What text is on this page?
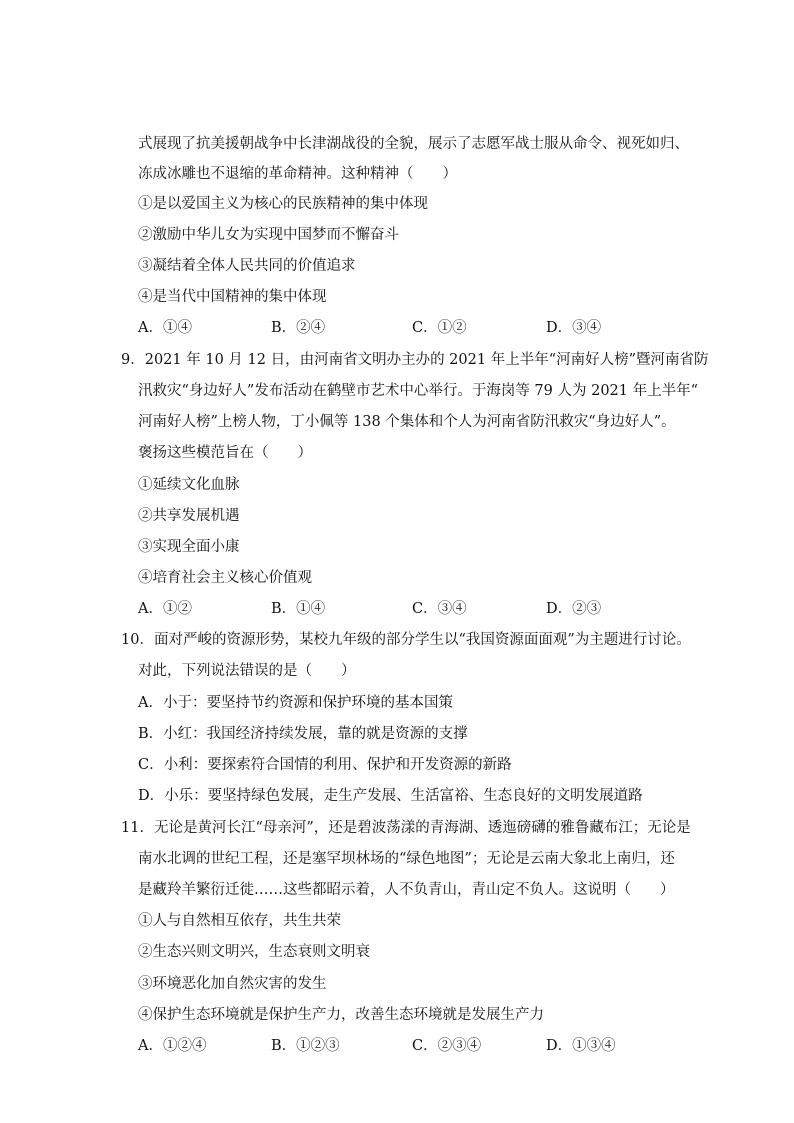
式展现了抗美援朝战争中长津湖战役的全貌，展示了志愿军战士服从命令、视死如归、
冻成冰雕也不退缩的革命精神。这种精神（　　）
①是以爱国主义为核心的民族精神的集中体现
②激励中华儿女为实现中国梦而不懈奋斗
③凝结着全体人民共同的价值追求
④是当代中国精神的集中体现
A．①④	B．②④	C．①②	D．③④
9．2021 年 10 月 12 日，由河南省文明办主办的 2021 年上半年“河南好人榜”暨河南省防
汛救灾“身边好人”发布活动在鹤壁市艺术中心举行。于海岗等 79 人为 2021 年上半年“
河南好人榜”上榜人物，丁小佩等 138 个集体和个人为河南省防汛救灾“身边好人”。
褒扬这些模范旨在（　　）
①延续文化血脉
②共享发展机遇
③实现全面小康
④培育社会主义核心价值观
A．①②	B．①④	C．③④	D．②③
10．面对严峻的资源形势，某校九年级的部分学生以“我国资源面面观”为主题进行讨论。
对此，下列说法错误的是（　　）
A．小于：要坚持节约资源和保护环境的基本国策
B．小红：我国经济持续发展，靠的就是资源的支撑
C．小利：要探索符合国情的利用、保护和开发资源的新路
D．小乐：要坚持绿色发展，走生产发展、生活富裕、生态良好的文明发展道路
11．无论是黄河长江“母亲河”，还是碧波荡漾的青海湖、透迤磅礴的雅鲁藏布江；无论是
南水北调的世纪工程，还是塞罕坝林场的“绿色地图”；无论是云南大象北上南归，还
是藏羚羊繁衍迁徙……这些都昭示着，人不负青山，青山定不负人。这说明（　　）
①人与自然相互依存，共生共荣
②生态兴则文明兴，生态衰则文明衰
③环境恶化加自然灾害的发生
④保护生态环境就是保护生产力，改善生态环境就是发展生产力
A．①②④	B．①②③	C．②③④	D．①③④
